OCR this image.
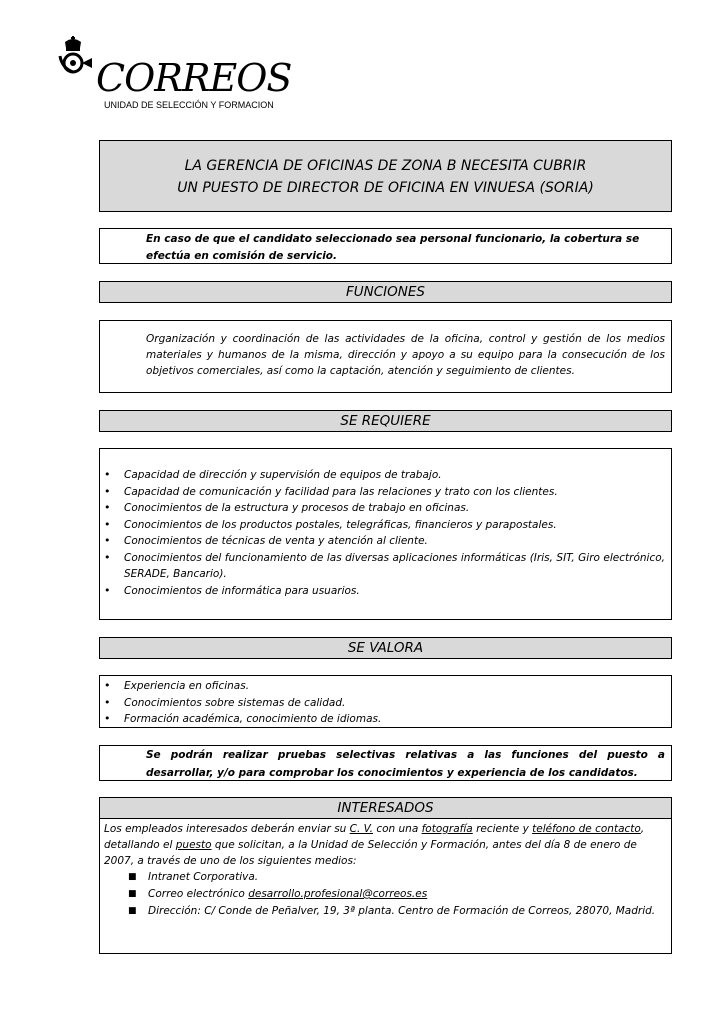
CORREOS
UNIDAD DE SELECCIÓN Y FORMACION
LA GERENCIA DE OFICINAS DE ZONA B NECESITA CUBRIR
UN PUESTO DE DIRECTOR DE OFICINA EN VINUESA (SORIA)
En caso de que el candidato seleccionado sea personal funcionario, la cobertura se efectúa en comisión de servicio.
FUNCIONES
Organización y coordinación de las actividades de la oficina, control y gestión de los medios materiales y humanos de la misma, dirección y apoyo a su equipo para la consecución de los objetivos comerciales, así como la captación, atención y seguimiento de clientes.
SE REQUIERE
• Capacidad de dirección y supervisión de equipos de trabajo.
• Capacidad de comunicación y facilidad para las relaciones y trato con los clientes.
• Conocimientos de la estructura y procesos de trabajo en oficinas.
• Conocimientos de los productos postales, telegráficas, financieros y parapostales.
• Conocimientos de técnicas de venta y atención al cliente.
• Conocimientos del funcionamiento de las diversas aplicaciones informáticas (Iris, SIT, Giro electrónico, SERADE, Bancario).
• Conocimientos de informática para usuarios.
SE VALORA
• Experiencia en oficinas.
• Conocimientos sobre sistemas de calidad.
• Formación académica, conocimiento de idiomas.
Se podrán realizar pruebas selectivas relativas a las funciones del puesto a desarrollar, y/o para comprobar los conocimientos y experiencia de los candidatos.
INTERESADOS
Los empleados interesados deberán enviar su C. V. con una fotografía reciente y teléfono de contacto, detallando el puesto que solicitan, a la Unidad de Selección y Formación, antes del día 8 de enero de 2007, a través de uno de los siguientes medios:
■ Intranet Corporativa.
■ Correo electrónico desarrollo.profesional@correos.es
■ Dirección: C/ Conde de Peñalver, 19, 3ª planta. Centro de Formación de Correos, 28070, Madrid.
